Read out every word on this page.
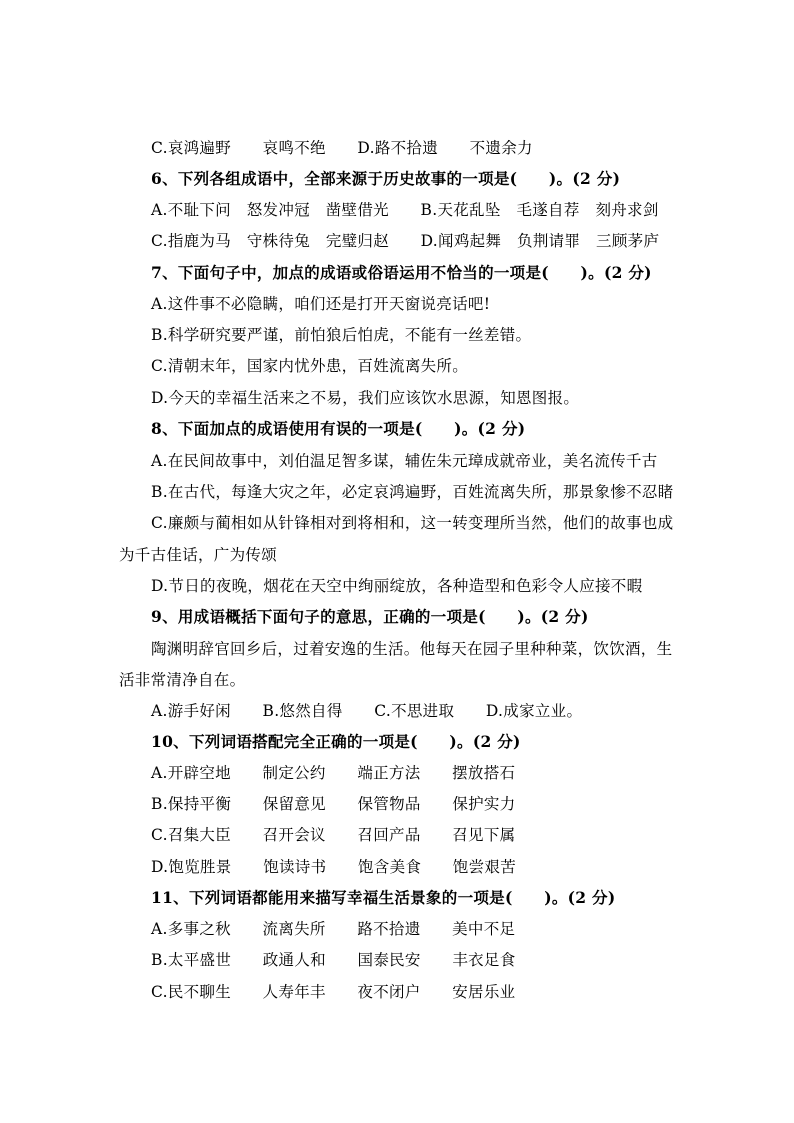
C.哀鸿遍野　　哀鸣不绝　　D.路不拾遗　　不遗余力
6、下列各组成语中，全部来源于历史故事的一项是(　　)。(2 分)
A.不耻下问　怒发冲冠　凿壁借光　　B.天花乱坠　毛遂自荐　刻舟求剑
C.指鹿为马　守株待兔　完璧归赵　　D.闻鸡起舞　负荆请罪　三顾茅庐
7、下面句子中，加点的成语或俗语运用不恰当的一项是(　　)。(2 分)
A.这件事不必隐瞒，咱们还是打开天窗说亮话吧!
B.科学研究要严谨，前怕狼后怕虎，不能有一丝差错。
C.清朝末年，国家内忧外患，百姓流离失所。
D.今天的幸福生活来之不易，我们应该饮水思源，知恩图报。
8、下面加点的成语使用有误的一项是(　　)。(2 分)
A.在民间故事中，刘伯温足智多谋，辅佐朱元璋成就帝业，美名流传千古
B.在古代，每逢大灾之年，必定哀鸿遍野，百姓流离失所，那景象惨不忍睹
C.廉颇与蔺相如从针锋相对到将相和，这一转变理所当然，他们的故事也成
为千古佳话，广为传颂
D.节日的夜晚，烟花在天空中绚丽绽放，各种造型和色彩令人应接不暇
9、用成语概括下面句子的意思，正确的一项是(　　)。(2 分)
陶渊明辞官回乡后，过着安逸的生活。他每天在园子里种种菜，饮饮酒，生
活非常清净自在。
A.游手好闲　　B.悠然自得　　C.不思进取　　D.成家立业。
10、下列词语搭配完全正确的一项是(　　)。(2 分)
A.开辟空地　　制定公约　　端正方法　　摆放搭石
B.保持平衡　　保留意见　　保管物品　　保护实力
C.召集大臣　　召开会议　　召回产品　　召见下属
D.饱览胜景　　饱读诗书　　饱含美食　　饱尝艰苦
11、下列词语都能用来描写幸福生活景象的一项是(　　)。(2 分)
A.多事之秋　　流离失所　　路不拾遗　　美中不足
B.太平盛世　　政通人和　　国泰民安　　丰衣足食
C.民不聊生　　人寿年丰　　夜不闭户　　安居乐业
